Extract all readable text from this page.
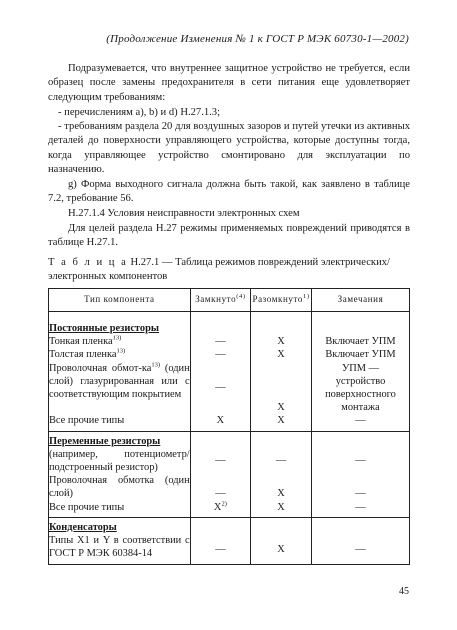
(Продолжение Изменения № 1 к ГОСТ Р МЭК 60730-1—2002)
Подразумевается, что внутреннее защитное устройство не требуется, если образец после замены предохранителя в сети питания еще удовлетворяет следующим требованиям:
- перечислениям a), b) и d) Н.27.1.3;
- требованиям раздела 20 для воздушных зазоров и путей утечки из активных деталей до поверхности управляющего устройства, которые доступны тогда, когда управляющее устройство смонтировано для эксплуатации по назначению.
g) Форма выходного сигнала должна быть такой, как заявлено в таблице 7.2, требование 56.
Н.27.1.4 Условия неисправности электронных схем
Для целей раздела Н.27 режимы применяемых повреждений приводятся в таблице Н.27.1.
Т а б л и ц а Н.27.1 — Таблица режимов повреждений электрических/электронных компонентов
Тип компонента	Замкнуто$^{(4)}$	Разомкнуто$^{1)}$	Замечания
Постоянные резисторы			
Тонкая пленка$^{13)}$	—	Х	Включает УПМ
Толстая пленка$^{13)}$	—	Х	Включает УПМ
Проволочная обмот-$ка^{13)}$ (один слой) глазурированная или с соответствующим покрытием	—	Х	УПМ — устройство поверхностного монтажа
Все прочие типы	Х	Х	—
Переменные резисторы			
(например, потенциометр/подстроенный резистор)	—	—	—
Проволочная обмотка (один слой)	—	Х	—
Все прочие типы	$Х^{2)}$	Х	—
Конденсаторы			
Типы X1 и Y в соответствии с ГОСТ Р МЭК 60384-14	—	Х	—
45
